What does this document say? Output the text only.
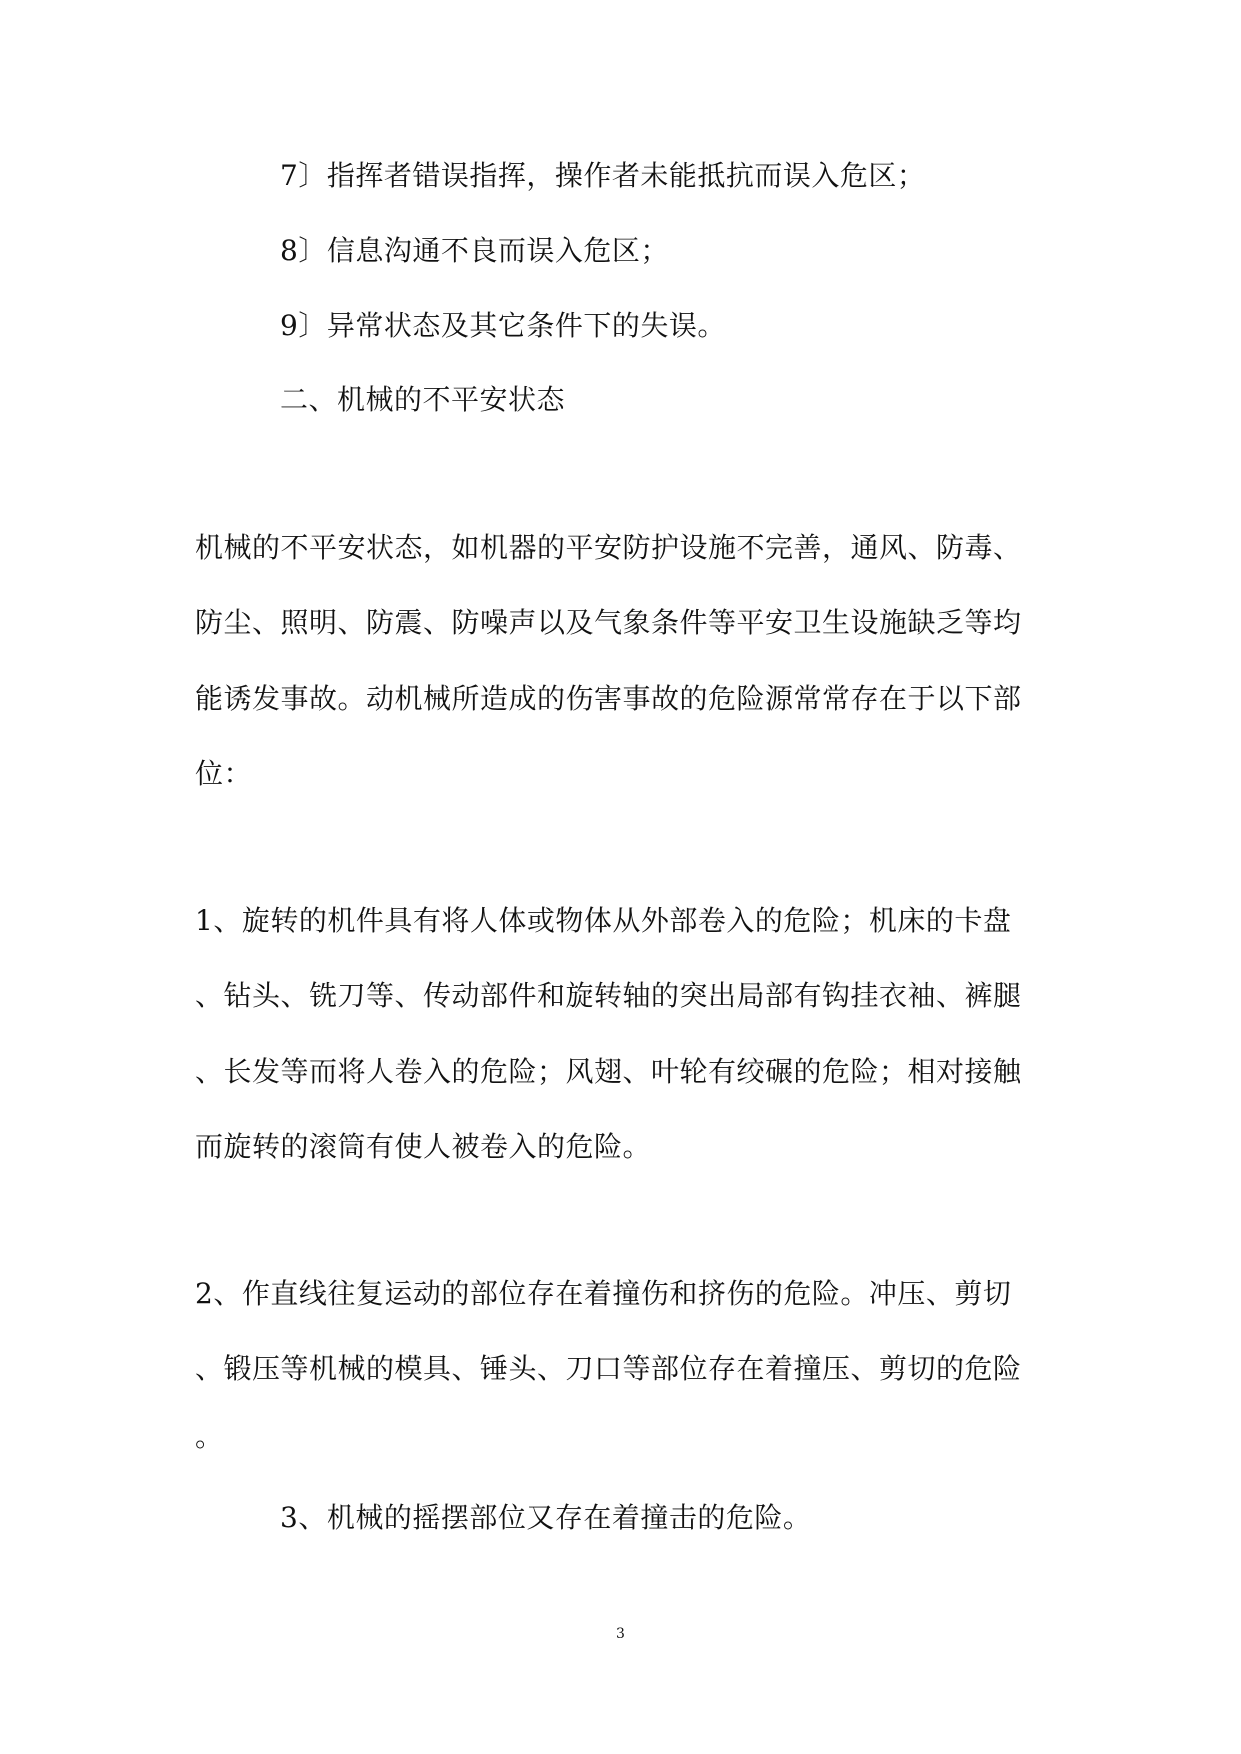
7〕指挥者错误指挥，操作者未能抵抗而误入危区；
8〕信息沟通不良而误入危区；
9〕异常状态及其它条件下的失误。
二、机械的不平安状态
机械的不平安状态，如机器的平安防护设施不完善，通风、防毒、
防尘、照明、防震、防噪声以及气象条件等平安卫生设施缺乏等均
能诱发事故。动机械所造成的伤害事故的危险源常常存在于以下部
位：
1、旋转的机件具有将人体或物体从外部卷入的危险；机床的卡盘
、钻头、铣刀等、传动部件和旋转轴的突出局部有钩挂衣袖、裤腿
、长发等而将人卷入的危险；风翅、叶轮有绞碾的危险；相对接触
而旋转的滚筒有使人被卷入的危险。
2、作直线往复运动的部位存在着撞伤和挤伤的危险。冲压、剪切
、锻压等机械的模具、锤头、刀口等部位存在着撞压、剪切的危险
。
3、机械的摇摆部位又存在着撞击的危险。
3
